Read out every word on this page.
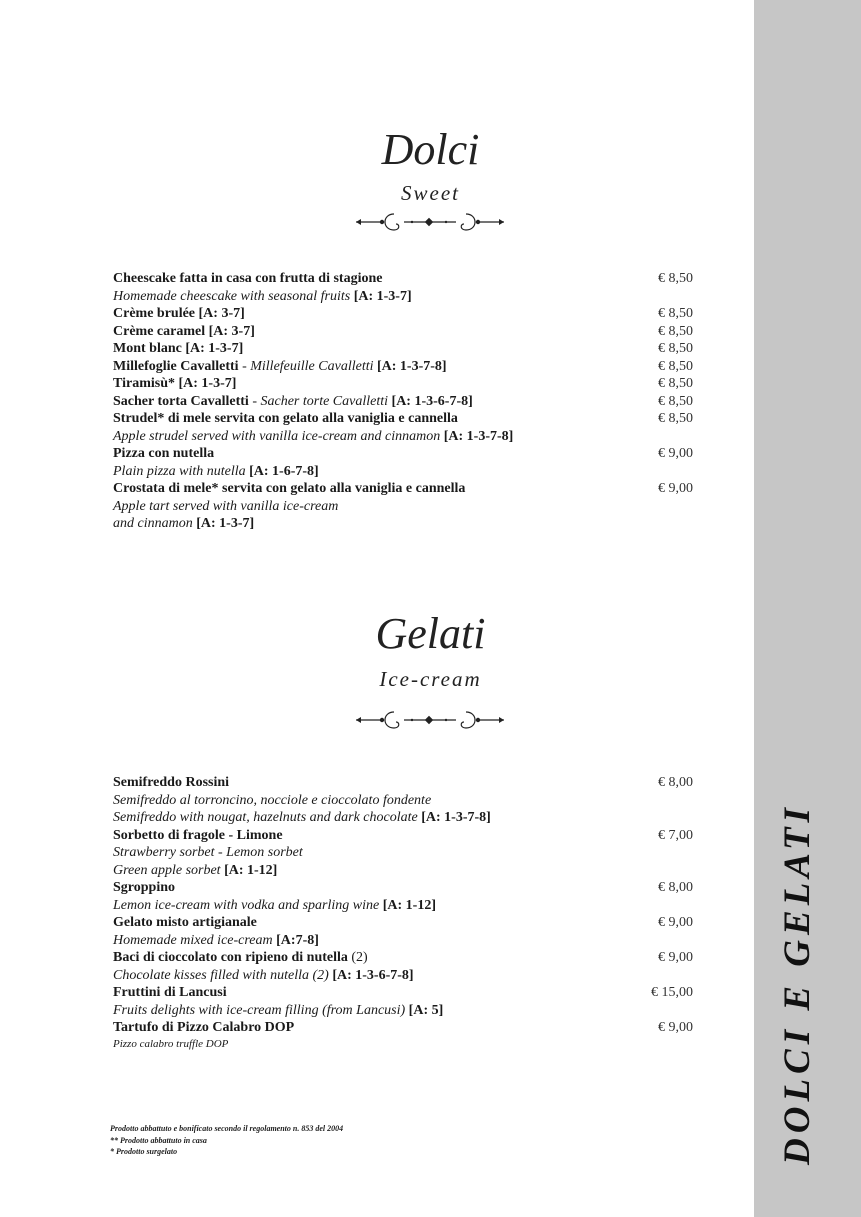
DOLCI E GELATI
Dolci
Sweet
Cheescake fatta in casa con frutta di stagione
Homemade cheescake with seasonal fruits [A: 1-3-7]
€ 8,50
Crème brulée [A: 3-7]	€ 8,50
Crème caramel [A: 3-7]	€ 8,50
Mont blanc [A: 1-3-7]	€ 8,50
Millefoglie Cavalletti - Millefeuille Cavalletti [A: 1-3-7-8]	€ 8,50
Tiramisù* [A: 1-3-7]	€ 8,50
Sacher torta Cavalletti - Sacher torte Cavalletti [A: 1-3-6-7-8]	€ 8,50
Strudel* di mele servita con gelato alla vaniglia e cannella
Apple strudel served with vanilla ice-cream and cinnamon [A: 1-3-7-8]
€ 8,50
Pizza con nutella
Plain pizza with nutella [A: 1-6-7-8]
€ 9,00
Crostata di mele* servita con gelato alla vaniglia e cannella
Apple tart served with vanilla ice-cream
and cinnamon [A: 1-3-7]
€ 9,00
Gelati
Ice-cream
Semifreddo Rossini
Semifreddo al torroncino, nocciole e cioccolato fondente
Semifreddo with nougat, hazelnuts and dark chocolate [A: 1-3-7-8]
€ 8,00
Sorbetto di fragole - Limone
Strawberry sorbet - Lemon sorbet
Green apple sorbet [A: 1-12]
€ 7,00
Sgroppino
Lemon ice-cream with vodka and sparling wine [A: 1-12]
€ 8,00
Gelato misto artigianale
Homemade mixed ice-cream [A:7-8]
€ 9,00
Baci di cioccolato con ripieno di nutella (2)
Chocolate kisses filled with nutella (2) [A: 1-3-6-7-8]
€ 9,00
Fruttini di Lancusi
Fruits delights with ice-cream filling (from Lancusi) [A: 5]
€ 15,00
Tartufo di Pizzo Calabro DOP
Pizzo calabro truffle DOP
€ 9,00
Prodotto abbattuto e bonificato secondo il regolamento n. 853 del 2004
** Prodotto abbattuto in casa
* Prodotto surgelato
